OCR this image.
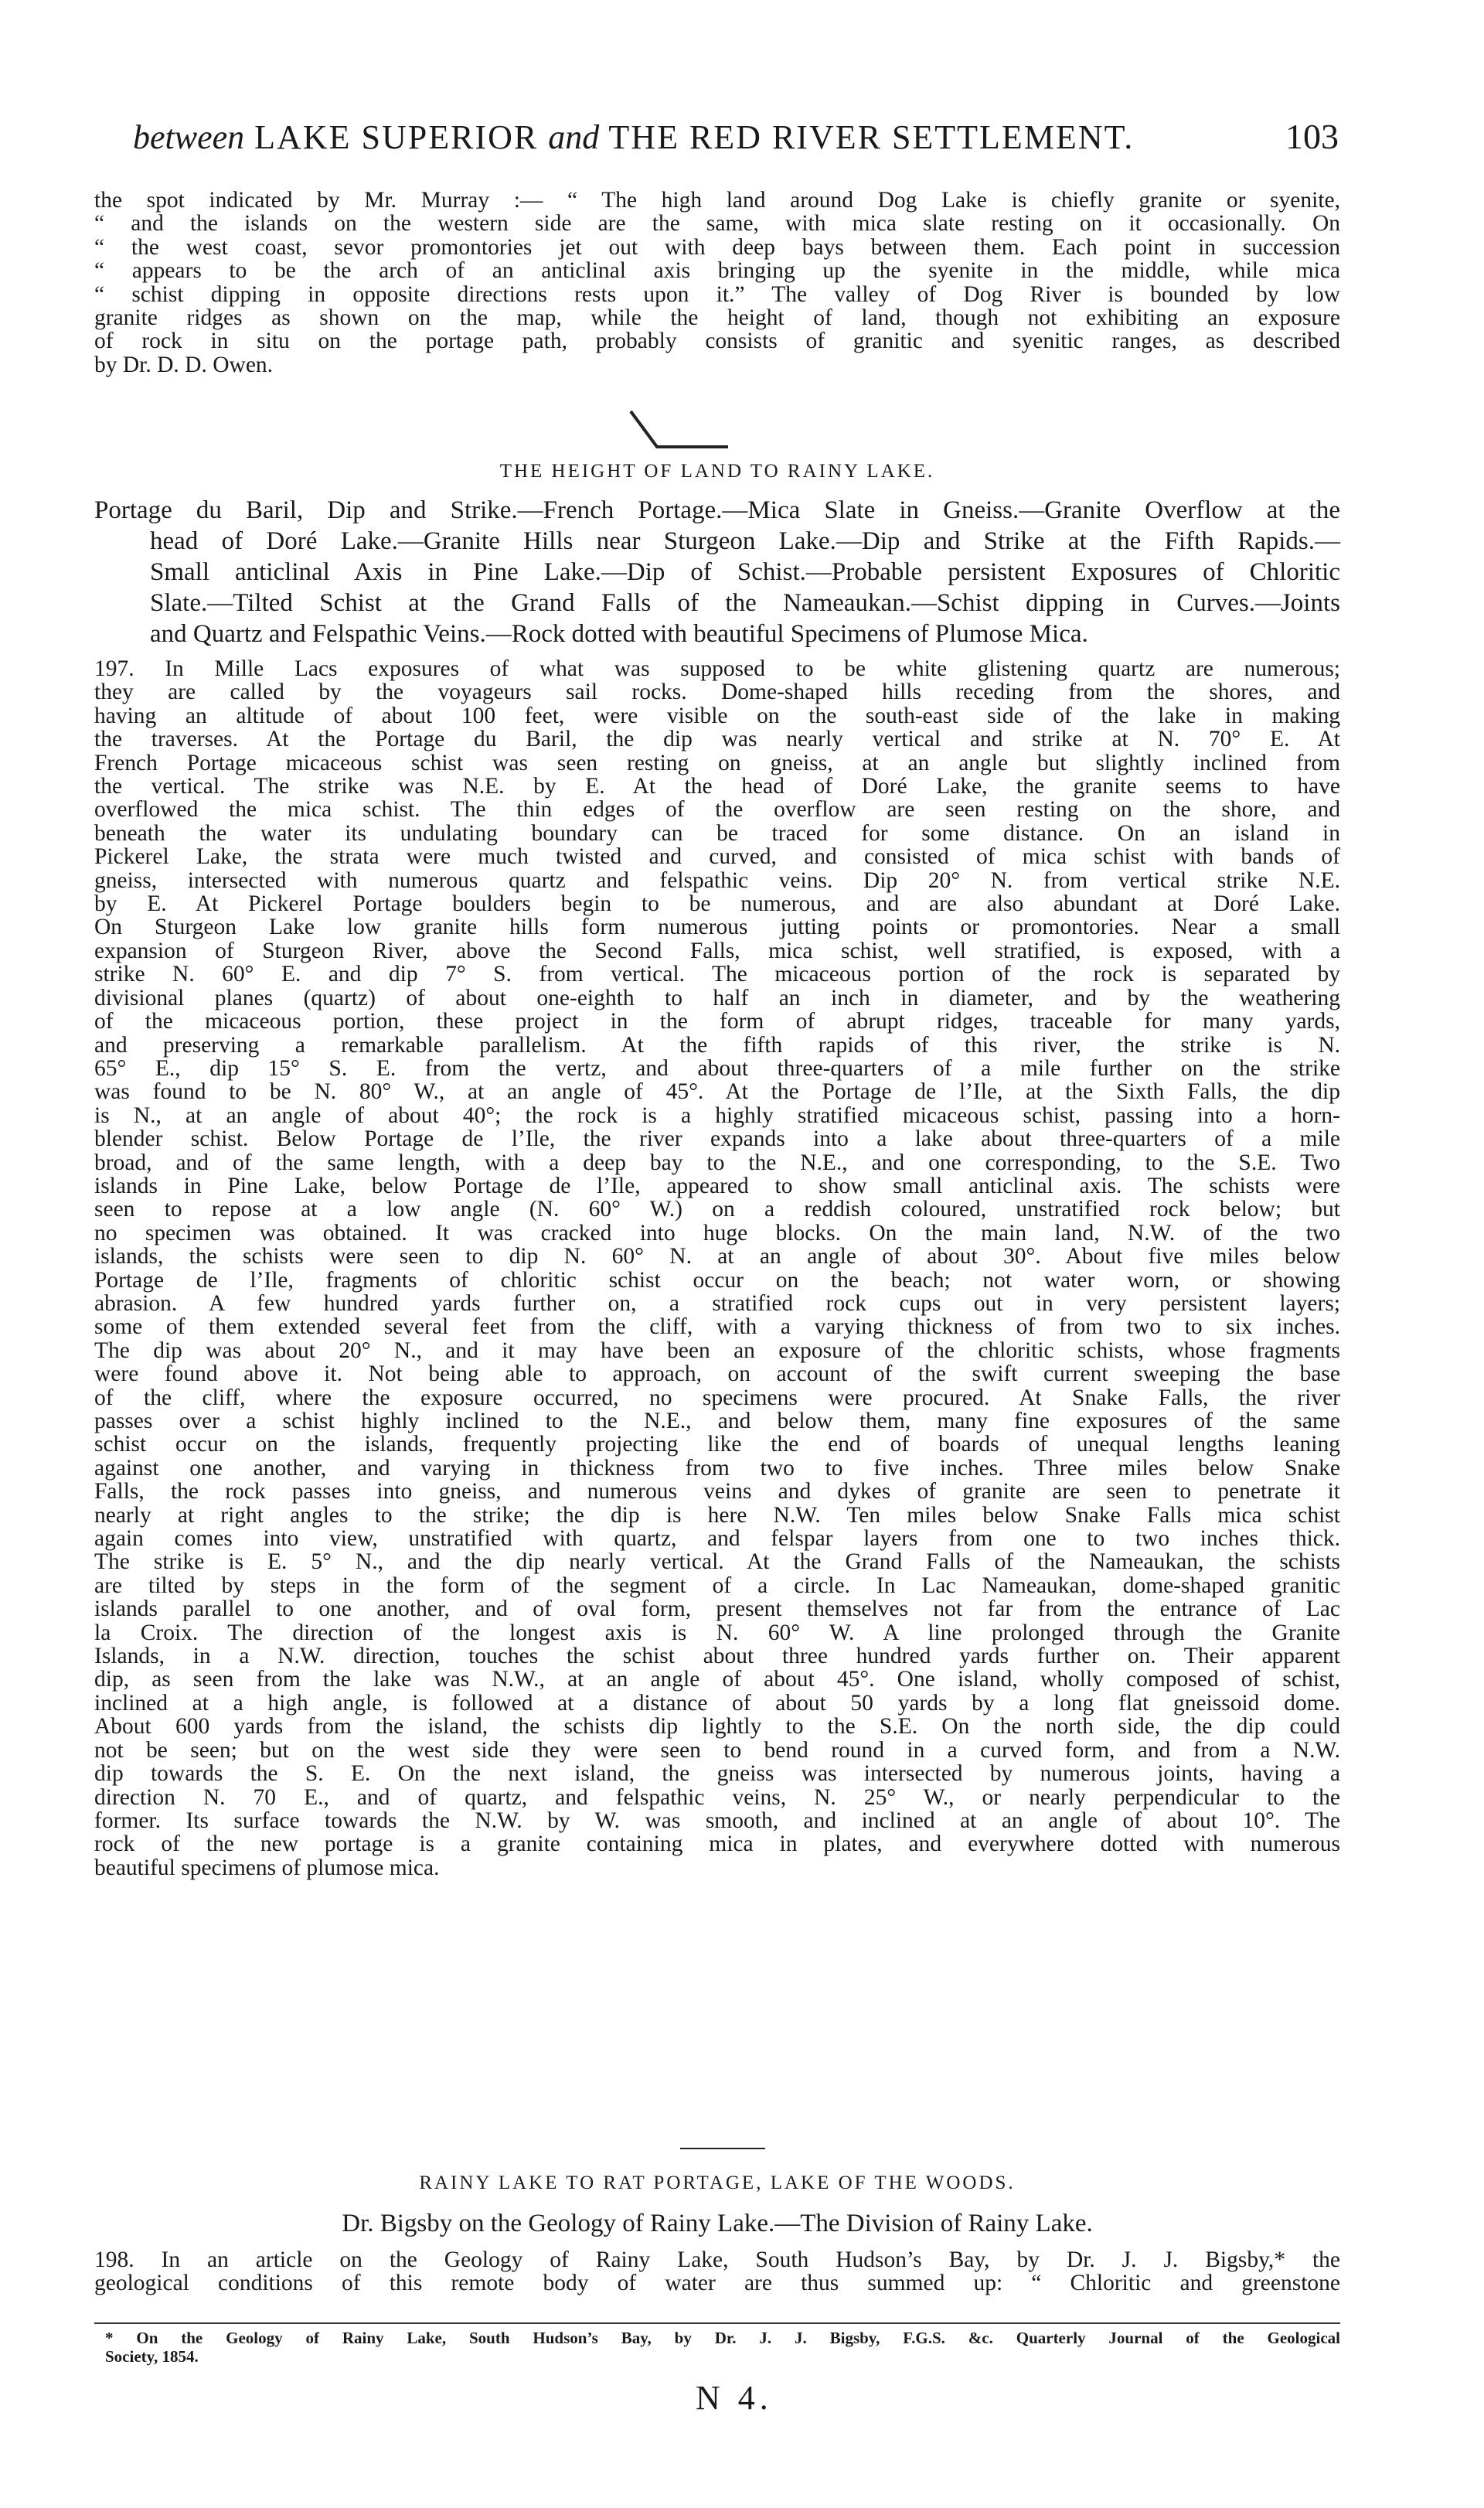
between LAKE SUPERIOR and THE RED RIVER SETTLEMENT.	103
the spot indicated by Mr. Murray :— “ The high land around Dog Lake is chiefly granite or syenite,
“ and the islands on the western side are the same, with mica slate resting on it occasionally. On
“ the west coast, sevor promontories jet out with deep bays between them. Each point in succession
“ appears to be the arch of an anticlinal axis bringing up the syenite in the middle, while mica
“ schist dipping in opposite directions rests upon it.” The valley of Dog River is bounded by low
granite ridges as shown on the map, while the height of land, though not exhibiting an exposure
of rock in situ on the portage path, probably consists of granitic and syenitic ranges, as described
by Dr. D. D. Owen.
THE HEIGHT OF LAND TO RAINY LAKE.
Portage du Baril, Dip and Strike.—French Portage.—Mica Slate in Gneiss.—Granite Overflow at the
head of Doré Lake.—Granite Hills near Sturgeon Lake.—Dip and Strike at the Fifth Rapids.—
Small anticlinal Axis in Pine Lake.—Dip of Schist.—Probable persistent Exposures of Chloritic
Slate.—Tilted Schist at the Grand Falls of the Nameaukan.—Schist dipping in Curves.—Joints
and Quartz and Felspathic Veins.—Rock dotted with beautiful Specimens of Plumose Mica.
197. In Mille Lacs exposures of what was supposed to be white glistening quartz are numerous;
they are called by the voyageurs sail rocks. Dome-shaped hills receding from the shores, and
having an altitude of about 100 feet, were visible on the south-east side of the lake in making
the traverses. At the Portage du Baril, the dip was nearly vertical and strike at N. 70° E. At
French Portage micaceous schist was seen resting on gneiss, at an angle but slightly inclined from
the vertical. The strike was N.E. by E. At the head of Doré Lake, the granite seems to have
overflowed the mica schist. The thin edges of the overflow are seen resting on the shore, and
beneath the water its undulating boundary can be traced for some distance. On an island in
Pickerel Lake, the strata were much twisted and curved, and consisted of mica schist with bands of
gneiss, intersected with numerous quartz and felspathic veins. Dip 20° N. from vertical strike N.E.
by E. At Pickerel Portage boulders begin to be numerous, and are also abundant at Doré Lake.
On Sturgeon Lake low granite hills form numerous jutting points or promontories. Near a small
expansion of Sturgeon River, above the Second Falls, mica schist, well stratified, is exposed, with a
strike N. 60° E. and dip 7° S. from vertical. The micaceous portion of the rock is separated by
divisional planes (quartz) of about one-eighth to half an inch in diameter, and by the weathering
of the micaceous portion, these project in the form of abrupt ridges, traceable for many yards,
and preserving a remarkable parallelism. At the fifth rapids of this river, the strike is N.
65° E., dip 15° S. E. from the vertz, and about three-quarters of a mile further on the strike
was found to be N. 80° W., at an angle of 45°. At the Portage de l’Ile, at the Sixth Falls, the dip
is N., at an angle of about 40°; the rock is a highly stratified micaceous schist, passing into a horn-
blender schist. Below Portage de l’Ile, the river expands into a lake about three-quarters of a mile
broad, and of the same length, with a deep bay to the N.E., and one corresponding, to the S.E. Two
islands in Pine Lake, below Portage de l’Ile, appeared to show small anticlinal axis. The schists were
seen to repose at a low angle (N. 60° W.) on a reddish coloured, unstratified rock below; but
no specimen was obtained. It was cracked into huge blocks. On the main land, N.W. of the two
islands, the schists were seen to dip N. 60° N. at an angle of about 30°. About five miles below
Portage de l’Ile, fragments of chloritic schist occur on the beach; not water worn, or showing
abrasion. A few hundred yards further on, a stratified rock cups out in very persistent layers;
some of them extended several feet from the cliff, with a varying thickness of from two to six inches.
The dip was about 20° N., and it may have been an exposure of the chloritic schists, whose fragments
were found above it. Not being able to approach, on account of the swift current sweeping the base
of the cliff, where the exposure occurred, no specimens were procured. At Snake Falls, the river
passes over a schist highly inclined to the N.E., and below them, many fine exposures of the same
schist occur on the islands, frequently projecting like the end of boards of unequal lengths leaning
against one another, and varying in thickness from two to five inches. Three miles below Snake
Falls, the rock passes into gneiss, and numerous veins and dykes of granite are seen to penetrate it
nearly at right angles to the strike; the dip is here N.W. Ten miles below Snake Falls mica schist
again comes into view, unstratified with quartz, and felspar layers from one to two inches thick.
The strike is E. 5° N., and the dip nearly vertical. At the Grand Falls of the Nameaukan, the schists
are tilted by steps in the form of the segment of a circle. In Lac Nameaukan, dome-shaped granitic
islands parallel to one another, and of oval form, present themselves not far from the entrance of Lac
la Croix. The direction of the longest axis is N. 60° W. A line prolonged through the Granite
Islands, in a N.W. direction, touches the schist about three hundred yards further on. Their apparent
dip, as seen from the lake was N.W., at an angle of about 45°. One island, wholly composed of schist,
inclined at a high angle, is followed at a distance of about 50 yards by a long flat gneissoid dome.
About 600 yards from the island, the schists dip lightly to the S.E. On the north side, the dip could
not be seen; but on the west side they were seen to bend round in a curved form, and from a N.W.
dip towards the S. E. On the next island, the gneiss was intersected by numerous joints, having a
direction N. 70 E., and of quartz, and felspathic veins, N. 25° W., or nearly perpendicular to the
former. Its surface towards the N.W. by W. was smooth, and inclined at an angle of about 10°. The
rock of the new portage is a granite containing mica in plates, and everywhere dotted with numerous
beautiful specimens of plumose mica.
RAINY LAKE TO RAT PORTAGE, LAKE OF THE WOODS.
Dr. Bigsby on the Geology of Rainy Lake.—The Division of Rainy Lake.
198. In an article on the Geology of Rainy Lake, South Hudson’s Bay, by Dr. J. J. Bigsby,* the
geological conditions of this remote body of water are thus summed up: “ Chloritic and greenstone
* On the Geology of Rainy Lake, South Hudson’s Bay, by Dr. J. J. Bigsby, F.G.S. &c. Quarterly Journal of the Geological
Society, 1854.
N 4.
